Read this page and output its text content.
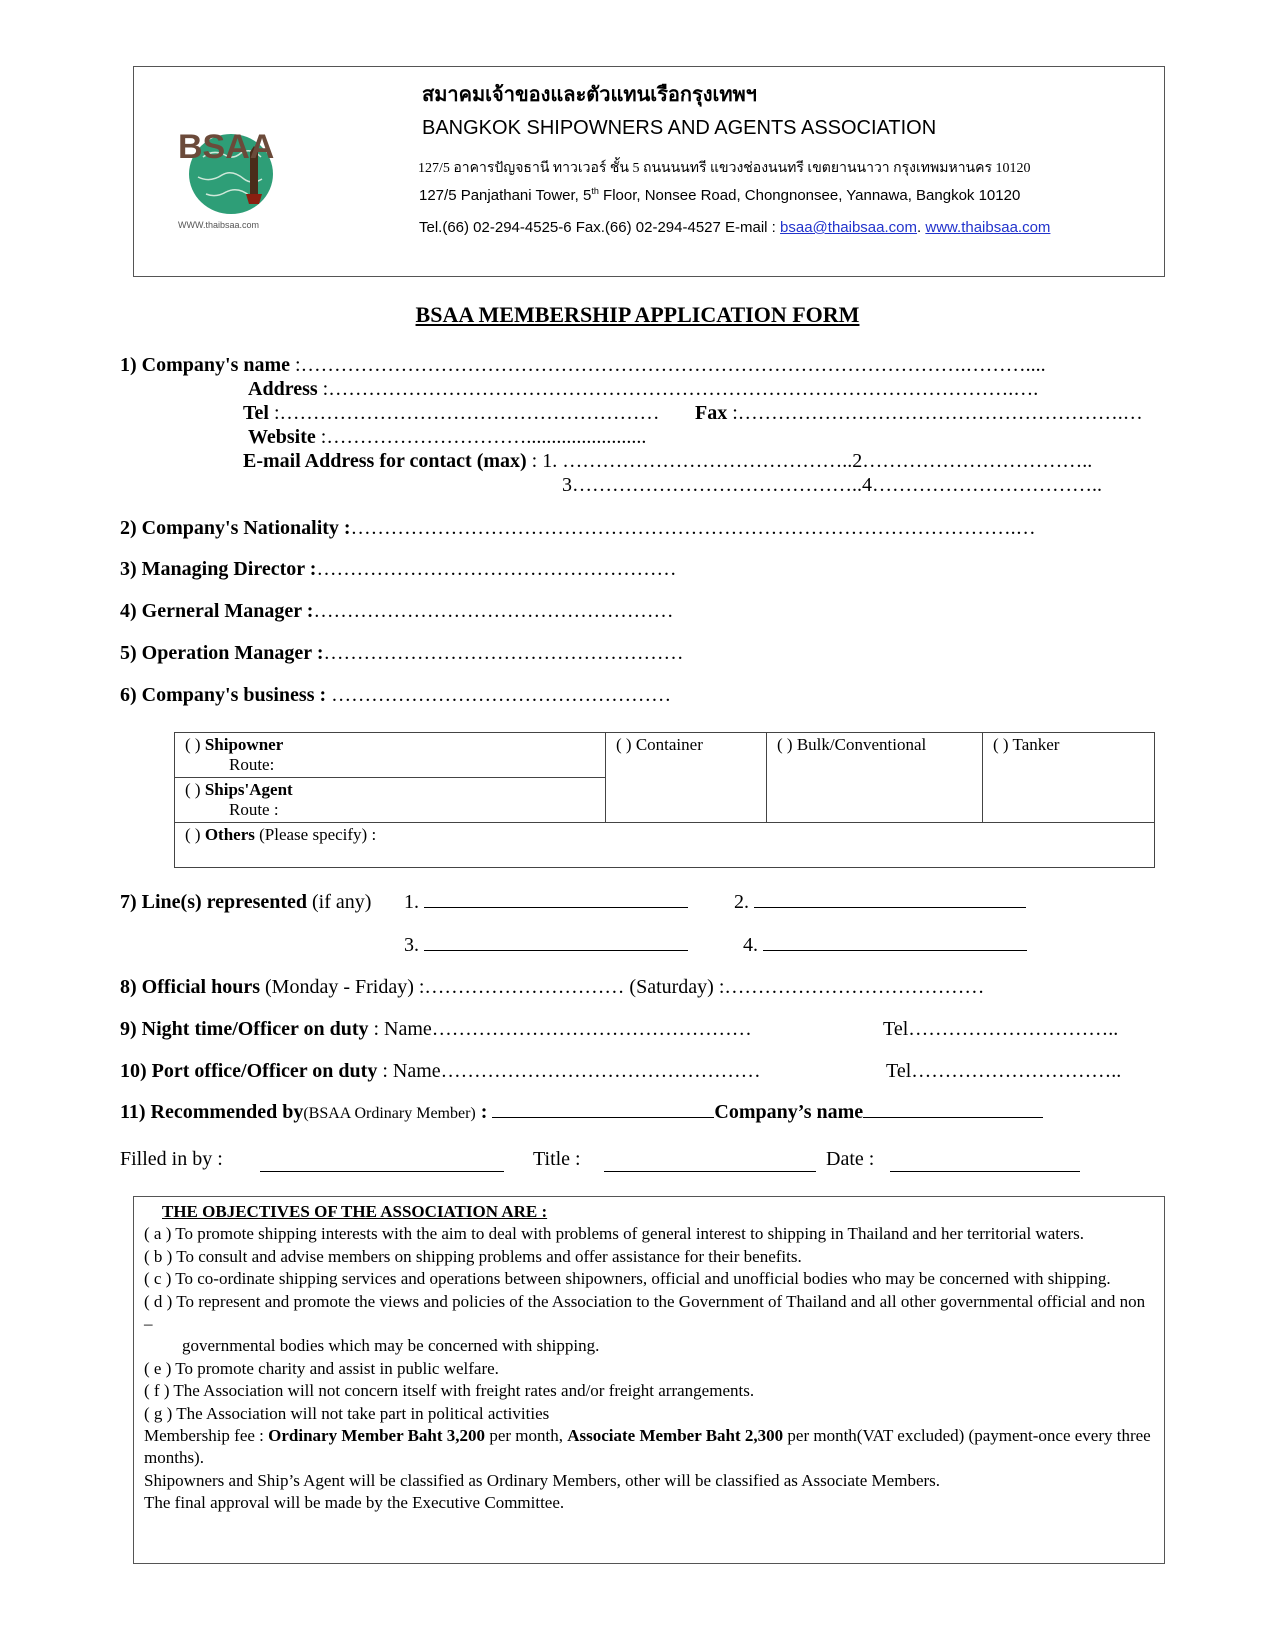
BSAA
WWW.thaibsaa.com
สมาคมเจ้าของและตัวแทนเรือกรุงเทพฯ
BANGKOK SHIPOWNERS AND AGENTS ASSOCIATION
127/5 อาคารปัญจธานี ทาวเวอร์ ชั้น 5 ถนนนนทรี แขวงช่องนนทรี เขตยานนาวา กรุงเทพมหานคร 10120
127/5 Panjathani Tower, 5th Floor, Nonsee Road, Chongnonsee, Yannawa, Bangkok 10120
Tel.(66) 02-294-4525-6 Fax.(66) 02-294-4527 E-mail : bsaa@thaibsaa.com. www.thaibsaa.com
BSAA MEMBERSHIP APPLICATION FORM
1) Company's name :……………………………………………………………………………………….………....
Address :………………………………………………………………………………………….….
Tel :………………………………………………… Fax :………………………………………………….…
Website :…………………………........................
E-mail Address for contact (max) : 1. ……………………………………..2……………………………..
3……………………………………..4……………………………..
2) Company's Nationality :……………………………………………………………………………………….…
3) Managing Director :………………………………………………
4) Gerneral Manager :………………………………………………
5) Operation Manager :………………………………………………
6) Company's business : ……………………………………………
( ) Shipowner
Route:	( ) Container	( ) Bulk/Conventional	( ) Tanker
( ) Ships'Agent
Route :
( ) Others (Please specify) :
7) Line(s) represented (if any) 1.	2.
3.	4.
8) Official hours (Monday - Friday) :………………………… (Saturday) :…………………………………
9) Night time/Officer on duty : Name…………………………………………	Tel…………………………..
10) Port office/Officer on duty : Name…………………………………………	Tel…………………………..
11) Recommended by(BSAA Ordinary Member) :	Company’s name
Filled in by :	Title :	Date :

THE OBJECTIVES OF THE ASSOCIATION ARE :

( a ) To promote shipping interests with the aim to deal with problems of general interest to shipping in Thailand and her territorial waters.

( b ) To consult and advise members on shipping problems and offer assistance for their benefits.

( c ) To co-ordinate shipping services and operations between shipowners, official and unofficial bodies who may be concerned with shipping.

( d ) To represent and promote the views and policies of the Association to the Government of Thailand and all other governmental official and non –

governmental bodies which may be concerned with shipping.

( e ) To promote charity and assist in public welfare.

( f ) The Association will not concern itself with freight rates and/or freight arrangements.

( g ) The Association will not take part in political activities

Membership fee : Ordinary Member Baht 3,200 per month, Associate Member Baht 2,300 per month(VAT excluded) (payment-once every three months).

Shipowners and Ship’s Agent will be classified as Ordinary Members, other will be classified as Associate Members.

The final approval will be made by the Executive Committee.
